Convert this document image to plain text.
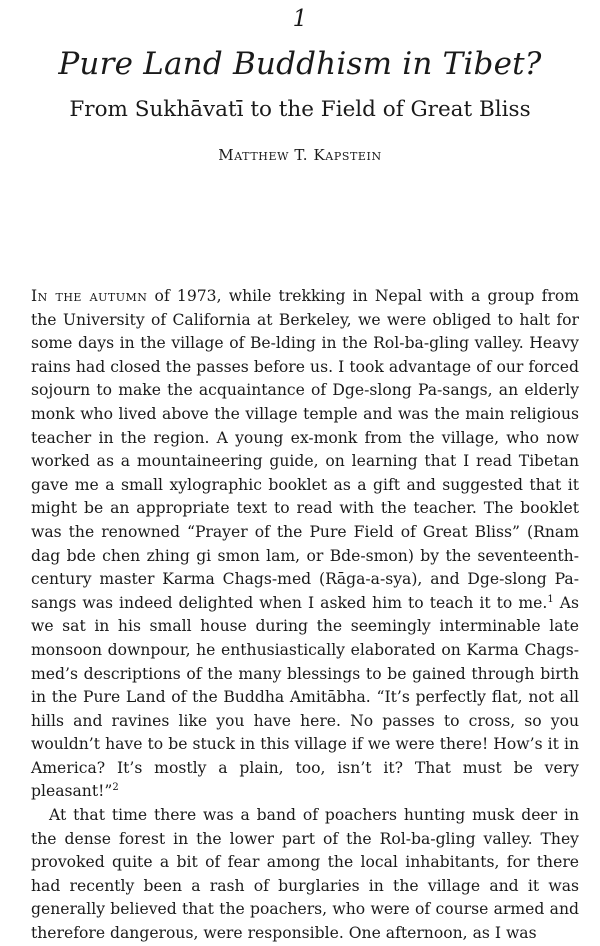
1
Pure Land Buddhism in Tibet?
From Sukhāvatī to the Field of Great Bliss
Matthew T. Kapstein

In the autumn of 1973, while trekking in Nepal with a group from the University of California at Berkeley, we were obliged to halt for some days in the village of Be-lding in the Rol-ba-gling valley. Heavy rains had closed the passes before us. I took advantage of our forced sojourn to make the acquaintance of Dge-slong Pa-sangs, an elderly monk who lived above the village temple and was the main religious teacher in the region. A young ex-monk from the village, who now worked as a mountaineering guide, on learning that I read Tibetan gave me a small xylographic booklet as a gift and suggested that it might be an appropriate text to read with the teacher. The booklet was the renowned “Prayer of the Pure Field of Great Bliss” (Rnam dag bde chen zhing gi smon lam, or Bde-smon) by the seventeenth-century master Karma Chags-med (Rāga-a-sya), and Dge-slong Pa-sangs was indeed delighted when I asked him to teach it to me.$^1$ As we sat in his small house during the seemingly interminable late monsoon downpour, he enthusiastically elaborated on Karma Chags-med’s descriptions of the many blessings to be gained through birth in the Pure Land of the Buddha Amitābha. “It’s perfectly flat, not all hills and ravines like you have here. No passes to cross, so you wouldn’t have to be stuck in this village if we were there! How’s it in America? It’s mostly a plain, too, isn’t it? That must be very pleasant!”$^2$

At that time there was a band of poachers hunting musk deer in the dense forest in the lower part of the Rol-ba-gling valley. They provoked quite a bit of fear among the local inhabitants, for there had recently been a rash of burglaries in the village and it was generally believed that the poachers, who were of course armed and therefore dangerous, were responsible. One afternoon, as I was
